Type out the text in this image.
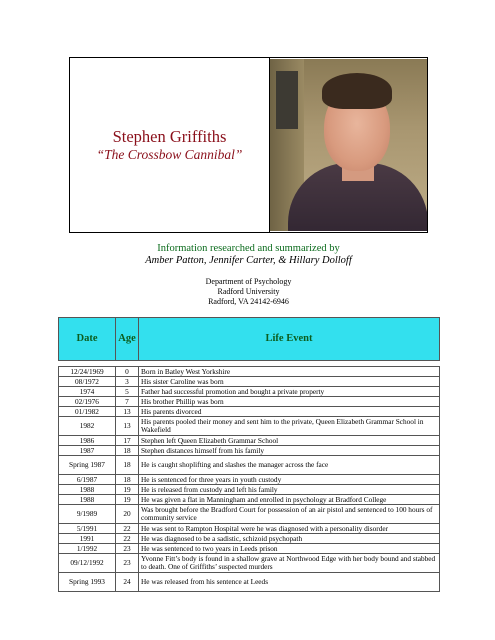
Stephen Griffiths
“The Crossbow Cannibal”
Information researched and summarized by
Amber Patton, Jennifer Carter, & Hillary Dolloff
Department of Psychology
Radford University
Radford, VA 24142-6946
Date	Age	Life Event

12/24/1969	0	Born in Batley West Yorkshire
08/1972	3	His sister Caroline was born
1974	5	Father had successful promotion and bought a private property
02/1976	7	His brother Phillip was born
01/1982	13	His parents divorced
1982	13	His parents pooled their money and sent him to the private, Queen Elizabeth Grammar School in Wakefield
1986	17	Stephen left Queen Elizabeth Grammar School
1987	18	Stephen distances himself from his family
Spring 1987	18	He is caught shoplifting and slashes the manager across the face
6/1987	18	He is sentenced for three years in youth custody
1988	19	He is released from custody and left his family
1988	19	He was given a flat in Manningham and enrolled in psychology at Bradford College
9/1989	20	Was brought before the Bradford Court for possession of an air pistol and sentenced to 100 hours of community service
5/1991	22	He was sent to Rampton Hospital were he was diagnosed with a personality disorder
1991	22	He was diagnosed to be a sadistic, schizoid psychopath
1/1992	23	He was sentenced to two years in Leeds prison
09/12/1992	23	Yvonne Fitt’s body is found in a shallow grave at Northwood Edge with her body bound and stabbed to death. One of Griffiths’ suspected murders
Spring 1993	24	He was released from his sentence at Leeds
